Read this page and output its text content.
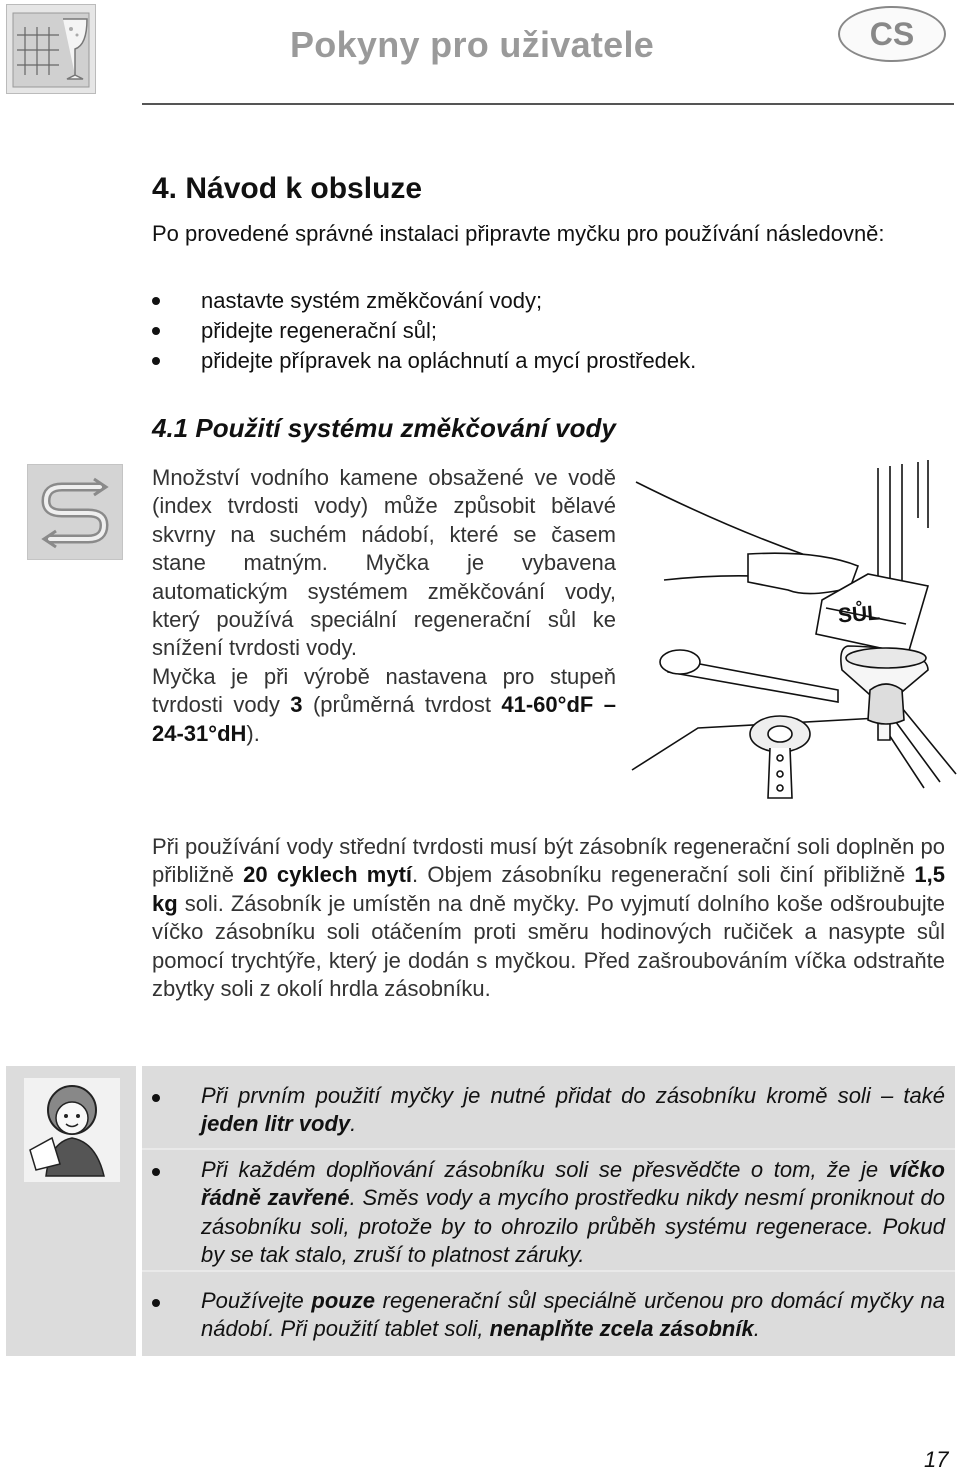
Pokyny pro uživatele	CS
4. Návod k obsluze
Po provedené správné instalaci připravte myčku pro používání následovně:
nastavte systém změkčování vody;
přidejte regenerační sůl;
přidejte přípravek na opláchnutí a mycí prostředek.
4.1 Použití systému změkčování vody
Množství vodního kamene obsažené ve vodě (index tvrdosti vody) může způsobit bělavé skvrny na suchém nádobí, které se časem stane matným. Myčka je vybavena automatickým systémem změkčování vody, který používá speciální regenerační sůl ke snížení tvrdosti vody.
Myčka je při výrobě nastavena pro stupeň tvrdosti vody 3 (průměrná tvrdost 41-60°dF – 24-31°dH).
SŮL
Při používání vody střední tvrdosti musí být zásobník regenerační soli doplněn po přibližně 20 cyklech mytí. Objem zásobníku regenerační soli činí přibližně 1,5 kg soli. Zásobník je umístěn na dně myčky. Po vyjmutí dolního koše odšroubujte víčko zásobníku soli otáčením proti směru hodinových ručiček a nasypte sůl pomocí trychtýře, který je dodán s myčkou. Před zašroubováním víčka odstraňte zbytky soli z okolí hrdla zásobníku.
Při prvním použití myčky je nutné přidat do zásobníku kromě soli – také jeden litr vody.
Při každém doplňování zásobníku soli se přesvědčte o tom, že je víčko řádně zavřené. Směs vody a mycího prostředku nikdy nesmí proniknout do zásobníku soli, protože by to ohrozilo průběh systému regenerace. Pokud by se tak stalo, zruší to platnost záruky.
Používejte pouze regenerační sůl speciálně určenou pro domácí myčky na nádobí. Při použití tablet soli, nenaplňte zcela zásobník.
17
